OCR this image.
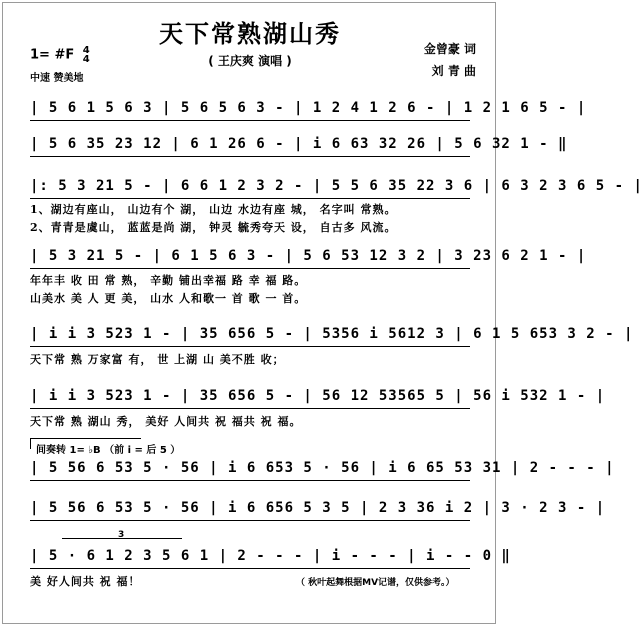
天下常熟湖山秀
( 王庆爽 演唱 )
1= #F 4
4
中速 赞美地
金曾豪 词
刘 青 曲
| 5 6 1 5 6 3 | 5 6 5 6 3 - | 1 2 4 1 2 6 - | 1 2 1 6 5 - |
| 5 6 35 23 12 | 6 1 26 6 - | i 6 63 32 26 | 5 6 32 1 - ‖
|: 5 3 21 5 - | 6 6 1 2 3 2 - | 5 5 6 35 22 3 6 | 6 3 2 3 6 5 - |
1、湖边有座山， 山边有个 湖， 山边 水边有座 城， 名字叫 常熟。
2、青青是虞山， 蓝蓝是尚 湖， 钟灵 毓秀夸天 设， 自古多 风流。
| 5 3 21 5 - | 6 1 5 6 3 - | 5 6 53 12 3 2 | 3 23 6 2 1 - |
年年丰 收 田 常 熟， 辛勤 铺出幸福 路 幸 福 路。
山美水 美 人 更 美， 山水 人和歌一 首 歌 一 首。
| i i 3 523 1 - | 35 656 5 - | 5356 i 5612 3 | 6 1 5 653 3 2 - |
天下常 熟 万家富 有， 世 上湖 山 美不胜 收；
| i i 3 523 1 - | 35 656 5 - | 56 12 53565 5 | 56 i 532 1 - |
天下常 熟 湖山 秀， 美好 人间共 祝 福共 祝 福。
间奏转 1= ♭B （前 i = 后 5 ）
| 5 56 6 53 5 · 56 | i 6 653 5 · 56 | i 6 65 53 31 | 2 - - - |
| 5 56 6 53 5 · 56 | i 6 656 5 3 5 | 2 3 36 i 2 | 3 · 2 3 - |
3
| 5 · 6 1 2 3 5 6 1 | 2 - - - | i - - - | i - - 0 ‖
美 好人间共 祝 福！	（ 秋叶起舞根据MV记谱，仅供参考。）
